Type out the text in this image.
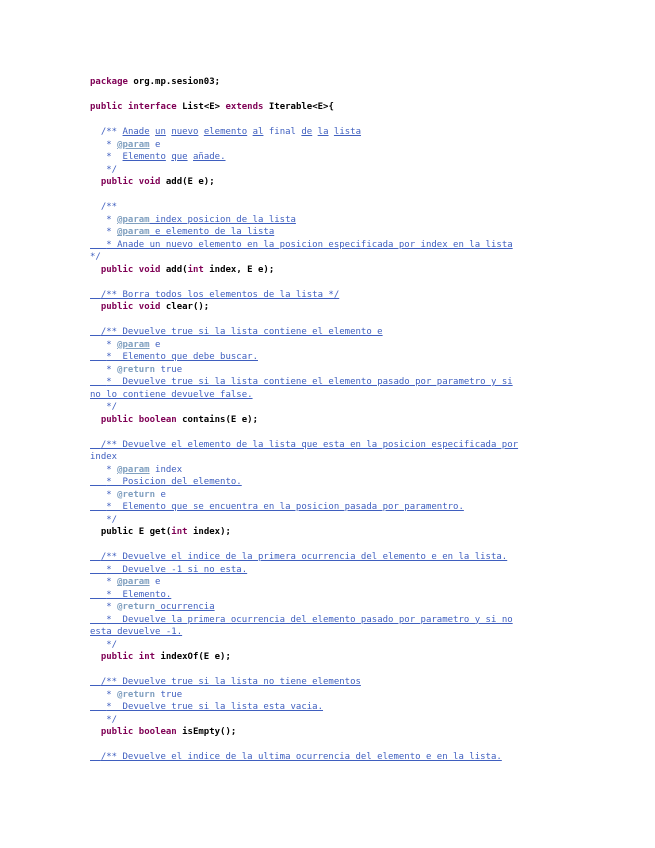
package org.mp.sesion03;
public interface List<E> extends Iterable<E>{
/** Anade un nuevo elemento al final de la lista
* @param e
*  Elemento que añade.
*/
public void add(E e);
/**
* @param index posicion de la lista
* @param e elemento de la lista
* Anade un nuevo elemento en la posicion especificada por index en la lista
*/
public void add(int index, E e);
/** Borra todos los elementos de la lista */
public void clear();
/** Devuelve true si la lista contiene el elemento e
* @param e
*  Elemento que debe buscar.
* @return true
*  Devuelve true si la lista contiene el elemento pasado por parametro y si
no lo contiene devuelve false.
*/
public boolean contains(E e);
/** Devuelve el elemento de la lista que esta en la posicion especificada por
index
* @param index
*  Posicion del elemento.
* @return e
*  Elemento que se encuentra en la posicion pasada por paramentro.
*/
public E get(int index);
/** Devuelve el indice de la primera ocurrencia del elemento e en la lista.
*  Devuelve -1 si no esta.
* @param e
*  Elemento.
* @return ocurrencia
*  Devuelve la primera ocurrencia del elemento pasado por parametro y si no
esta devuelve -1.
*/
public int indexOf(E e);
/** Devuelve true si la lista no tiene elementos
* @return true
*  Devuelve true si la lista esta vacia.
*/
public boolean isEmpty();
/** Devuelve el indice de la ultima ocurrencia del elemento e en la lista.
